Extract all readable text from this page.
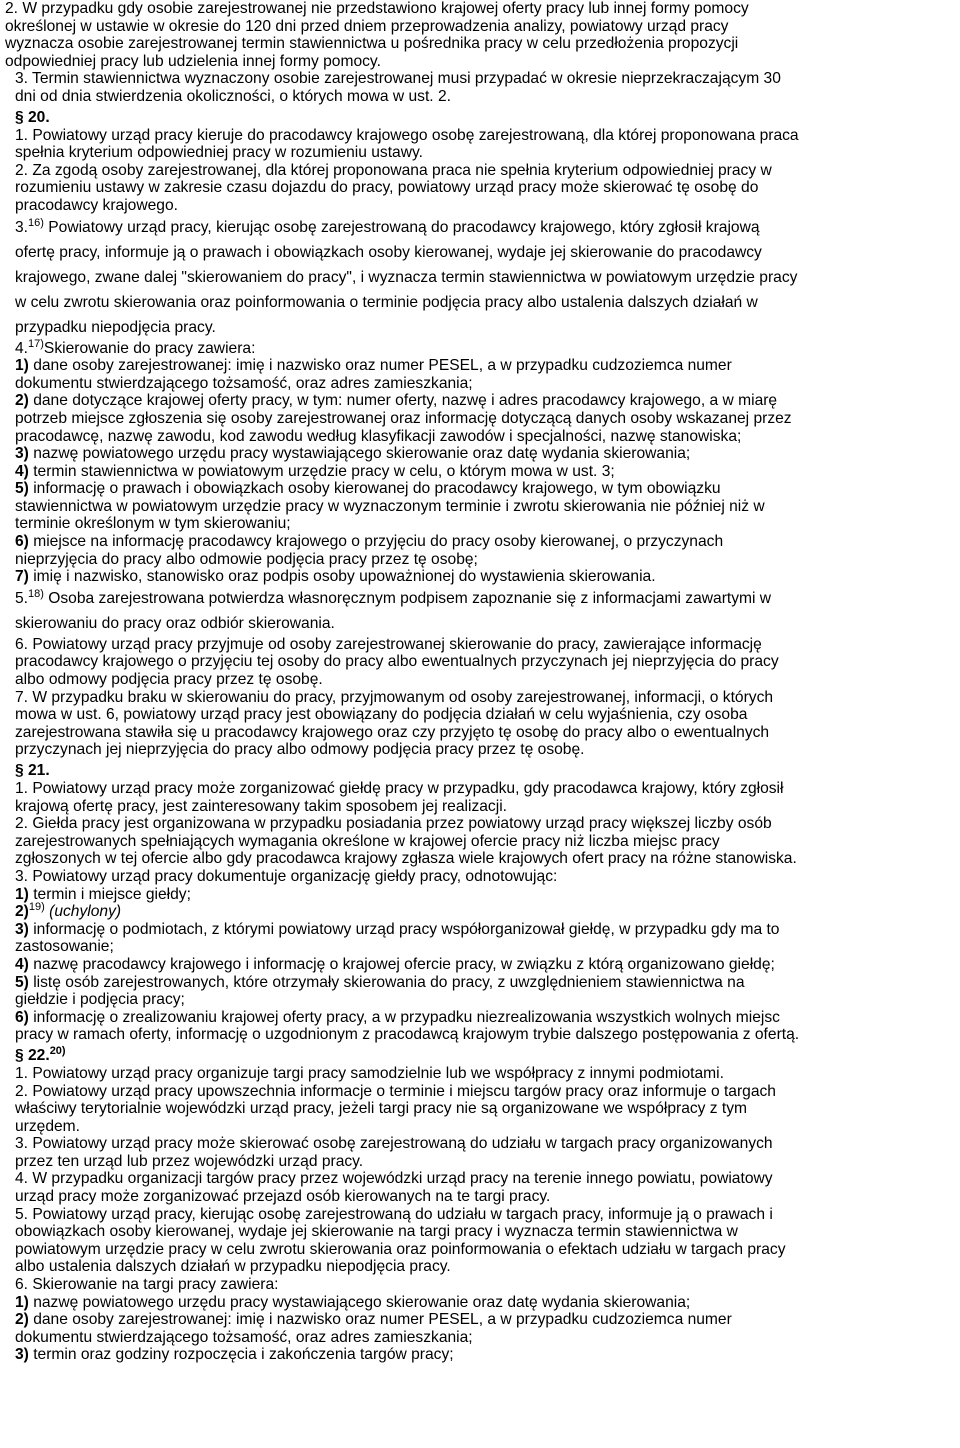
2. W przypadku gdy osobie zarejestrowanej nie przedstawiono krajowej oferty pracy lub innej formy pomocy
określonej w ustawie w okresie do 120 dni przed dniem przeprowadzenia analizy, powiatowy urząd pracy
wyznacza osobie zarejestrowanej termin stawiennictwa u pośrednika pracy w celu przedłożenia propozycji
odpowiedniej pracy lub udzielenia innej formy pomocy.

3. Termin stawiennictwa wyznaczony osobie zarejestrowanej musi przypadać w okresie nieprzekraczającym 30
dni od dnia stwierdzenia okoliczności, o których mowa w ust. 2.

§ 20.

1. Powiatowy urząd pracy kieruje do pracodawcy krajowego osobę zarejestrowaną, dla której proponowana praca
spełnia kryterium odpowiedniej pracy w rozumieniu ustawy.

2. Za zgodą osoby zarejestrowanej, dla której proponowana praca nie spełnia kryterium odpowiedniej pracy w
rozumieniu ustawy w zakresie czasu dojazdu do pracy, powiatowy urząd pracy może skierować tę osobę do
pracodawcy krajowego.

3.$^{16)}$ Powiatowy urząd pracy, kierując osobę zarejestrowaną do pracodawcy krajowego, który zgłosił krajową
ofertę pracy, informuje ją o prawach i obowiązkach osoby kierowanej, wydaje jej skierowanie do pracodawcy
krajowego, zwane dalej "skierowaniem do pracy", i wyznacza termin stawiennictwa w powiatowym urzędzie pracy
w celu zwrotu skierowania oraz poinformowania o terminie podjęcia pracy albo ustalenia dalszych działań w
przypadku niepodjęcia pracy.

4.$^{17)}$Skierowanie do pracy zawiera:

1) dane osoby zarejestrowanej: imię i nazwisko oraz numer PESEL, a w przypadku cudzoziemca numer
dokumentu stwierdzającego tożsamość, oraz adres zamieszkania;

2) dane dotyczące krajowej oferty pracy, w tym: numer oferty, nazwę i adres pracodawcy krajowego, a w miarę
potrzeb miejsce zgłoszenia się osoby zarejestrowanej oraz informację dotyczącą danych osoby wskazanej przez
pracodawcę, nazwę zawodu, kod zawodu według klasyfikacji zawodów i specjalności, nazwę stanowiska;

3) nazwę powiatowego urzędu pracy wystawiającego skierowanie oraz datę wydania skierowania;

4) termin stawiennictwa w powiatowym urzędzie pracy w celu, o którym mowa w ust. 3;

5) informację o prawach i obowiązkach osoby kierowanej do pracodawcy krajowego, w tym obowiązku
stawiennictwa w powiatowym urzędzie pracy w wyznaczonym terminie i zwrotu skierowania nie później niż w
terminie określonym w tym skierowaniu;

6) miejsce na informację pracodawcy krajowego o przyjęciu do pracy osoby kierowanej, o przyczynach
nieprzyjęcia do pracy albo odmowie podjęcia pracy przez tę osobę;

7) imię i nazwisko, stanowisko oraz podpis osoby upoważnionej do wystawienia skierowania.

5.$^{18)}$ Osoba zarejestrowana potwierdza własnoręcznym podpisem zapoznanie się z informacjami zawartymi w
skierowaniu do pracy oraz odbiór skierowania.

6. Powiatowy urząd pracy przyjmuje od osoby zarejestrowanej skierowanie do pracy, zawierające informację
pracodawcy krajowego o przyjęciu tej osoby do pracy albo ewentualnych przyczynach jej nieprzyjęcia do pracy
albo odmowy podjęcia pracy przez tę osobę.

7. W przypadku braku w skierowaniu do pracy, przyjmowanym od osoby zarejestrowanej, informacji, o których
mowa w ust. 6, powiatowy urząd pracy jest obowiązany do podjęcia działań w celu wyjaśnienia, czy osoba
zarejestrowana stawiła się u pracodawcy krajowego oraz czy przyjęto tę osobę do pracy albo o ewentualnych
przyczynach jej nieprzyjęcia do pracy albo odmowy podjęcia pracy przez tę osobę.

§ 21.

1. Powiatowy urząd pracy może zorganizować giełdę pracy w przypadku, gdy pracodawca krajowy, który zgłosił
krajową ofertę pracy, jest zainteresowany takim sposobem jej realizacji.

2. Giełda pracy jest organizowana w przypadku posiadania przez powiatowy urząd pracy większej liczby osób
zarejestrowanych spełniających wymagania określone w krajowej ofercie pracy niż liczba miejsc pracy
zgłoszonych w tej ofercie albo gdy pracodawca krajowy zgłasza wiele krajowych ofert pracy na różne stanowiska.

3. Powiatowy urząd pracy dokumentuje organizację giełdy pracy, odnotowując:

1) termin i miejsce giełdy;

2)$^{19)}$ (uchylony)

3) informację o podmiotach, z którymi powiatowy urząd pracy współorganizował giełdę, w przypadku gdy ma to
zastosowanie;

4) nazwę pracodawcy krajowego i informację o krajowej ofercie pracy, w związku z którą organizowano giełdę;

5) listę osób zarejestrowanych, które otrzymały skierowania do pracy, z uwzględnieniem stawiennictwa na
giełdzie i podjęcia pracy;

6) informację o zrealizowaniu krajowej oferty pracy, a w przypadku niezrealizowania wszystkich wolnych miejsc
pracy w ramach oferty, informację o uzgodnionym z pracodawcą krajowym trybie dalszego postępowania z ofertą.

§ 22.$^{20)}$

1. Powiatowy urząd pracy organizuje targi pracy samodzielnie lub we współpracy z innymi podmiotami.

2. Powiatowy urząd pracy upowszechnia informacje o terminie i miejscu targów pracy oraz informuje o targach
właściwy terytorialnie wojewódzki urząd pracy, jeżeli targi pracy nie są organizowane we współpracy z tym
urzędem.

3. Powiatowy urząd pracy może skierować osobę zarejestrowaną do udziału w targach pracy organizowanych
przez ten urząd lub przez wojewódzki urząd pracy.

4. W przypadku organizacji targów pracy przez wojewódzki urząd pracy na terenie innego powiatu, powiatowy
urząd pracy może zorganizować przejazd osób kierowanych na te targi pracy.

5. Powiatowy urząd pracy, kierując osobę zarejestrowaną do udziału w targach pracy, informuje ją o prawach i
obowiązkach osoby kierowanej, wydaje jej skierowanie na targi pracy i wyznacza termin stawiennictwa w
powiatowym urzędzie pracy w celu zwrotu skierowania oraz poinformowania o efektach udziału w targach pracy
albo ustalenia dalszych działań w przypadku niepodjęcia pracy.

6. Skierowanie na targi pracy zawiera:

1) nazwę powiatowego urzędu pracy wystawiającego skierowanie oraz datę wydania skierowania;

2) dane osoby zarejestrowanej: imię i nazwisko oraz numer PESEL, a w przypadku cudzoziemca numer
dokumentu stwierdzającego tożsamość, oraz adres zamieszkania;

3) termin oraz godziny rozpoczęcia i zakończenia targów pracy;
